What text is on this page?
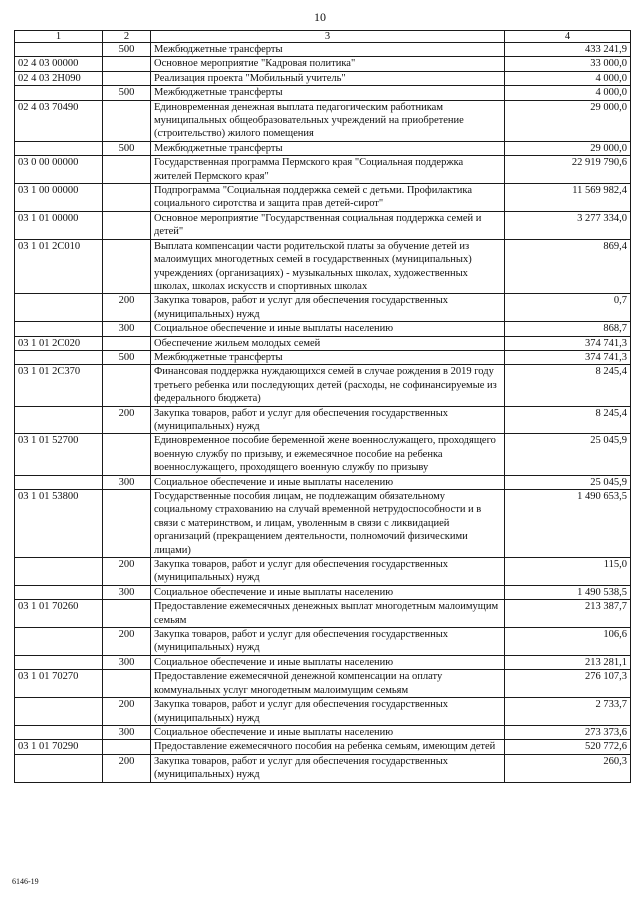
10
1	2	3	4
	500	Межбюджетные трансферты	433 241,9
02 4 03 00000		Основное мероприятие "Кадровая политика"	33 000,0
02 4 03 2Н090		Реализация проекта "Мобильный учитель"	4 000,0
	500	Межбюджетные трансферты	4 000,0
02 4 03 70490		Единовременная денежная выплата педагогическим работникам муниципальных общеобразовательных учреждений на приобретение (строительство) жилого помещения	29 000,0
	500	Межбюджетные трансферты	29 000,0
03 0 00 00000		Государственная программа Пермского края "Социальная поддержка жителей Пермского края"	22 919 790,6
03 1 00 00000		Подпрограмма "Социальная поддержка семей с детьми. Профилактика социального сиротства и защита прав детей-сирот"	11 569 982,4
03 1 01 00000		Основное мероприятие "Государственная социальная поддержка семей и детей"	3 277 334,0
03 1 01 2С010		Выплата компенсации части родительской платы за обучение детей из малоимущих многодетных семей в государственных (муниципальных) учреждениях (организациях) - музыкальных школах, художественных школах, школах искусств и спортивных школах	869,4
	200	Закупка товаров, работ и услуг для обеспечения государственных (муниципальных) нужд	0,7
	300	Социальное обеспечение и иные выплаты населению	868,7
03 1 01 2С020		Обеспечение жильем молодых семей	374 741,3
	500	Межбюджетные трансферты	374 741,3
03 1 01 2С370		Финансовая поддержка нуждающихся семей в случае рождения в 2019 году третьего ребенка или последующих детей (расходы, не софинансируемые из федерального бюджета)	8 245,4
	200	Закупка товаров, работ и услуг для обеспечения государственных (муниципальных) нужд	8 245,4
03 1 01 52700		Единовременное пособие беременной жене военнослужащего, проходящего военную службу по призыву, и ежемесячное пособие на ребенка военнослужащего, проходящего военную службу по призыву	25 045,9
	300	Социальное обеспечение и иные выплаты населению	25 045,9
03 1 01 53800		Государственные пособия лицам, не подлежащим обязательному социальному страхованию на случай временной нетрудоспособности и в связи с материнством, и лицам, уволенным в связи с ликвидацией организаций (прекращением деятельности, полномочий физическими лицами)	1 490 653,5
	200	Закупка товаров, работ и услуг для обеспечения государственных (муниципальных) нужд	115,0
	300	Социальное обеспечение и иные выплаты населению	1 490 538,5
03 1 01 70260		Предоставление ежемесячных денежных выплат многодетным малоимущим семьям	213 387,7
	200	Закупка товаров, работ и услуг для обеспечения государственных (муниципальных) нужд	106,6
	300	Социальное обеспечение и иные выплаты населению	213 281,1
03 1 01 70270		Предоставление ежемесячной денежной компенсации на оплату коммунальных услуг многодетным малоимущим семьям	276 107,3
	200	Закупка товаров, работ и услуг для обеспечения государственных (муниципальных) нужд	2 733,7
	300	Социальное обеспечение и иные выплаты населению	273 373,6
03 1 01 70290		Предоставление ежемесячного пособия на ребенка семьям, имеющим детей	520 772,6
	200	Закупка товаров, работ и услуг для обеспечения государственных (муниципальных) нужд	260,3
6146-19
